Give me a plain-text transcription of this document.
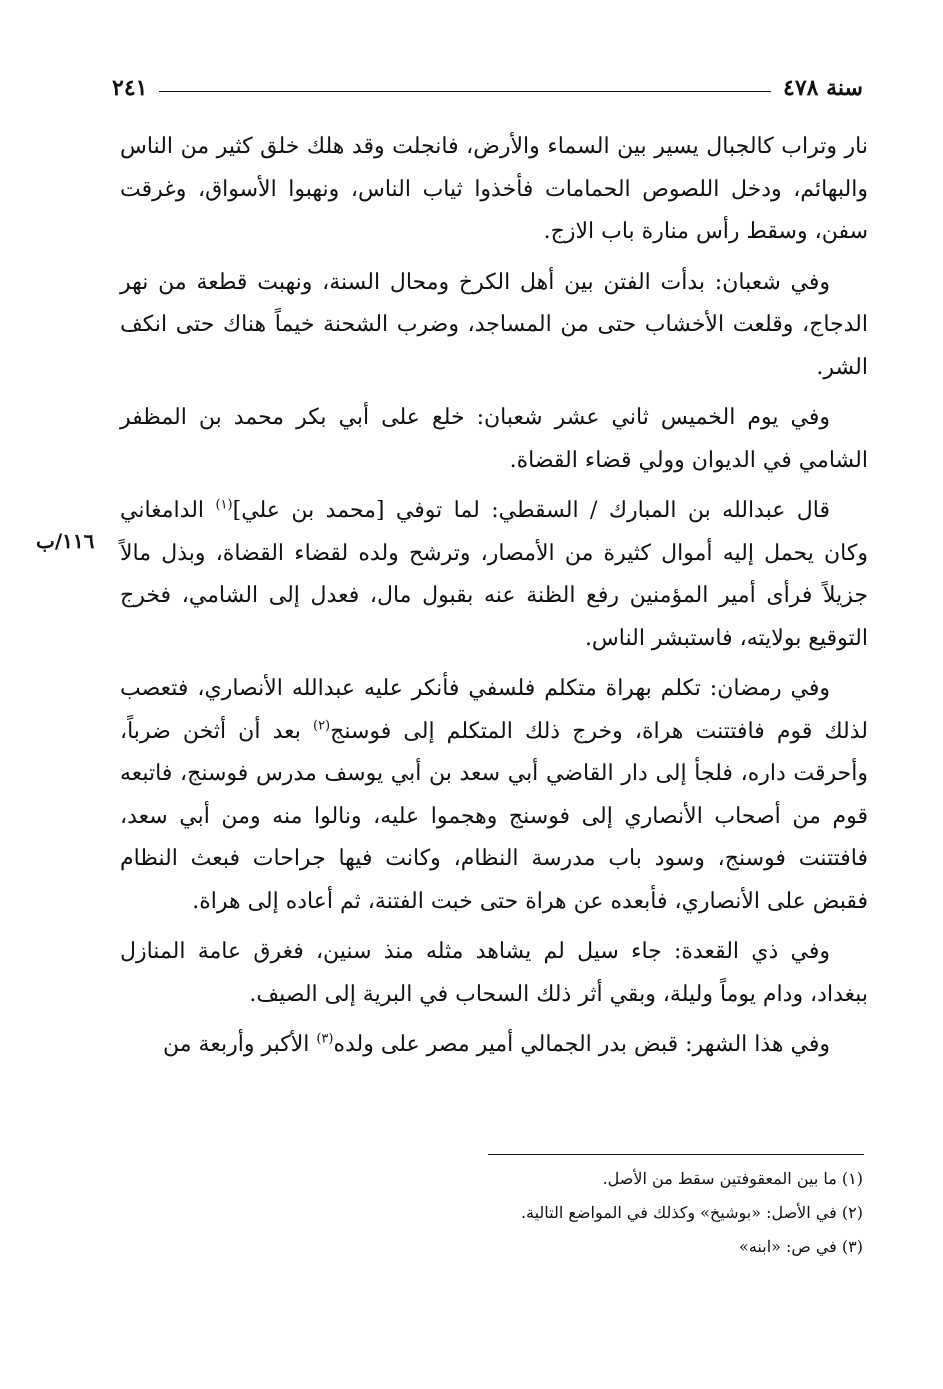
سنة ٤٧٨
٢٤١
١١٦/ب

نار وتراب كالجبال يسير بين السماء والأرض، فانجلت وقد هلك خلق كثير من الناس والبهائم، ودخل اللصوص الحمامات فأخذوا ثياب الناس، ونهبوا الأسواق، وغرقت سفن، وسقط رأس منارة باب الازج.

وفي شعبان: بدأت الفتن بين أهل الكرخ ومحال السنة، ونهبت قطعة من نهر الدجاج، وقلعت الأخشاب حتى من المساجد، وضرب الشحنة خيماً هناك حتى انكف الشر.

وفي يوم الخميس ثاني عشر شعبان: خلع على أبي بكر محمد بن المظفر الشامي في الديوان وولي قضاء القضاة.

قال عبدالله بن المبارك / السقطي: لما توفي [محمد بن علي]$^{(١)}$ الدامغاني وكان يحمل إليه أموال كثيرة من الأمصار، وترشح ولده لقضاء القضاة، وبذل مالاً جزيلاً فرأى أمير المؤمنين رفع الظنة عنه بقبول مال، فعدل إلى الشامي، فخرج التوقيع بولايته، فاستبشر الناس.

وفي رمضان: تكلم بهراة متكلم فلسفي فأنكر عليه عبدالله الأنصاري، فتعصب لذلك قوم فافتتنت هراة، وخرج ذلك المتكلم إلى فوسنج$^{(٢)}$ بعد أن أثخن ضرباً، وأحرقت داره، فلجأ إلى دار القاضي أبي سعد بن أبي يوسف مدرس فوسنج، فاتبعه قوم من أصحاب الأنصاري إلى فوسنج وهجموا عليه، ونالوا منه ومن أبي سعد، فافتتنت فوسنج، وسود باب مدرسة النظام، وكانت فيها جراحات فبعث النظام فقبض على الأنصاري، فأبعده عن هراة حتى خبت الفتنة، ثم أعاده إلى هراة.

وفي ذي القعدة: جاء سيل لم يشاهد مثله منذ سنين، فغرق عامة المنازل ببغداد، ودام يوماً وليلة، وبقي أثر ذلك السحاب في البرية إلى الصيف.

وفي هذا الشهر: قبض بدر الجمالي أمير مصر على ولده$^{(٣)}$ الأكبر وأربعة من

(١) ما بين المعقوفتين سقط من الأصل.

(٢) في الأصل: «بوشيخ» وكذلك في المواضع التالية.

(٣) في ص: «ابنه»
